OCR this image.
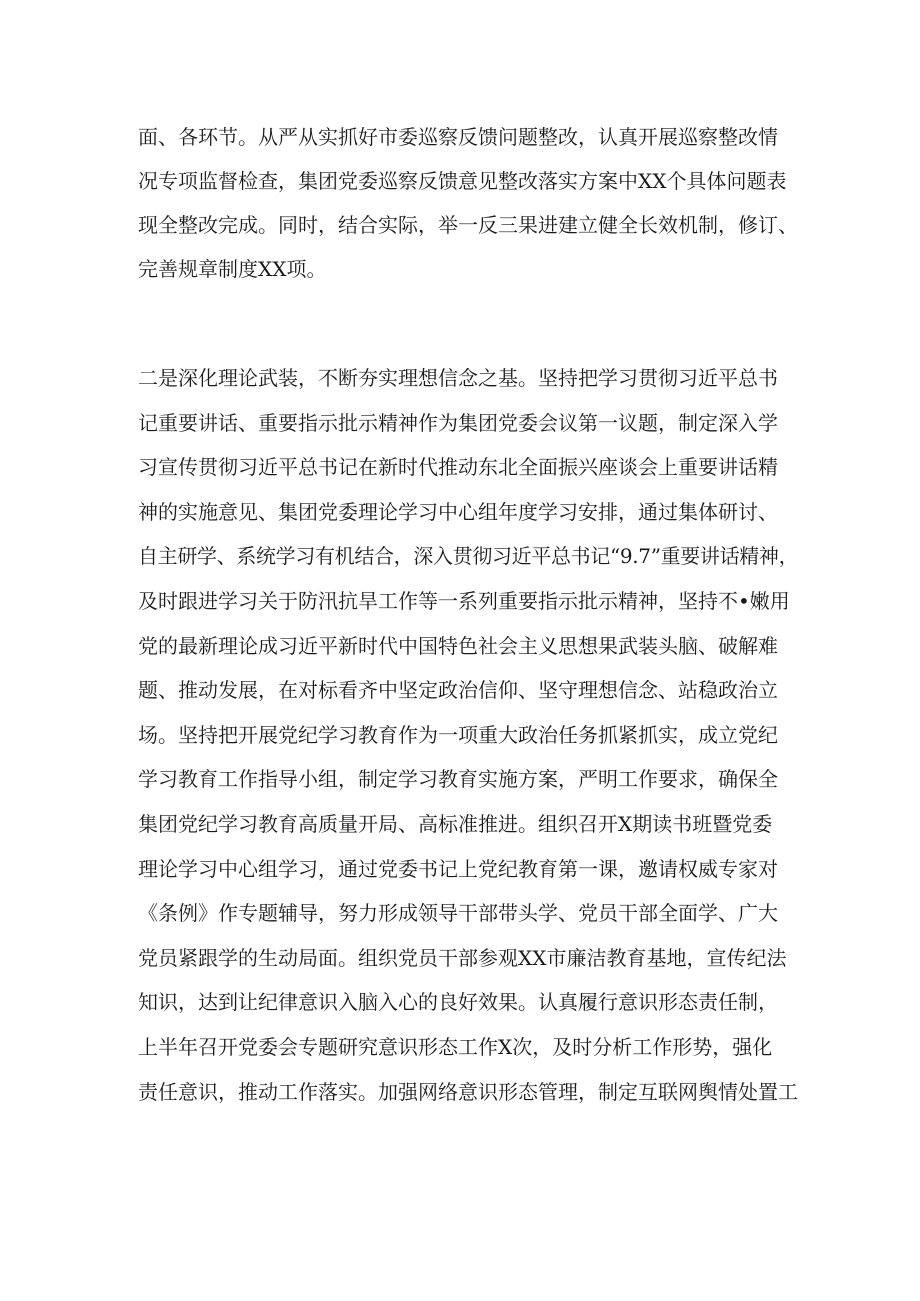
面、各环节。从严从实抓好市委巡察反馈问题整改，认真开展巡察整改情
况专项监督检查，集团党委巡察反馈意见整改落实方案中XX个具体问题表
现全整改完成。同时，结合实际，举一反三果进建立健全长效机制，修订、
完善规章制度XX项。
二是深化理论武装，不断夯实理想信念之基。坚持把学习贯彻习近平总书
记重要讲话、重要指示批示精神作为集团党委会议第一议题，制定深入学
习宣传贯彻习近平总书记在新时代推动东北全面振兴座谈会上重要讲话精
神的实施意见、集团党委理论学习中心组年度学习安排，通过集体研讨、
自主研学、系统学习有机结合，深入贯彻习近平总书记“9.7”重要讲话精神，
及时跟进学习关于防汛抗旱工作等一系列重要指示批示精神，坚持不•嫩用
党的最新理论成习近平新时代中国特色社会主义思想果武装头脑、破解难
题、推动发展，在对标看齐中坚定政治信仰、坚守理想信念、站稳政治立
场。坚持把开展党纪学习教育作为一项重大政治任务抓紧抓实，成立党纪
学习教育工作指导小组，制定学习教育实施方案，严明工作要求，确保全
集团党纪学习教育高质量开局、高标准推进。组织召开X期读书班暨党委
理论学习中心组学习，通过党委书记上党纪教育第一课，邀请权威专家对
《条例》作专题辅导，努力形成领导干部带头学、党员干部全面学、广大
党员紧跟学的生动局面。组织党员干部参观XX市廉洁教育基地，宣传纪法
知识，达到让纪律意识入脑入心的良好效果。认真履行意识形态责任制，
上半年召开党委会专题研究意识形态工作X次，及时分析工作形势，强化
责任意识，推动工作落实。加强网络意识形态管理，制定互联网舆情处置工
